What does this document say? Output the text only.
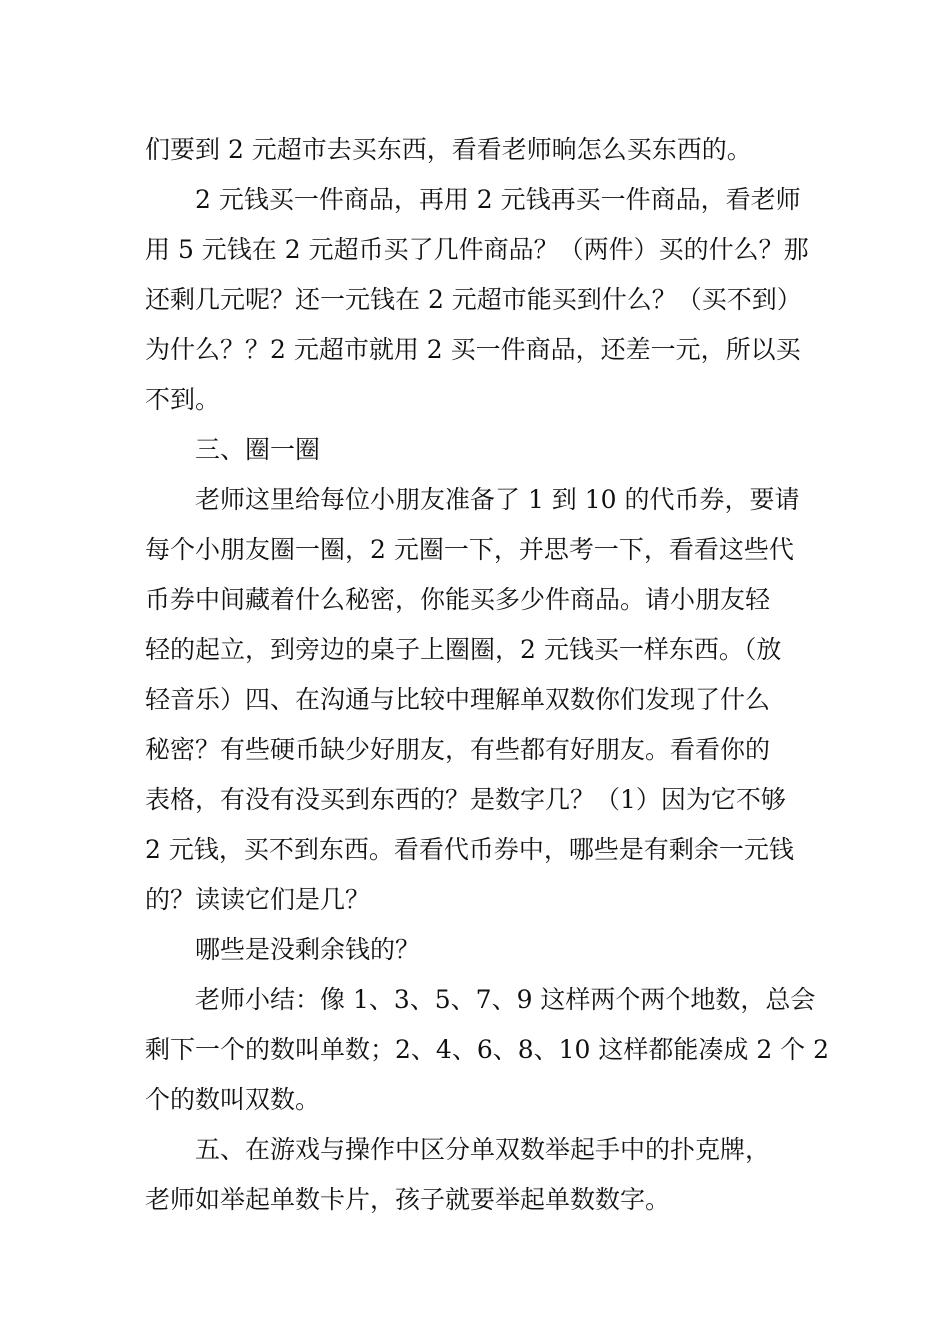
们要到 2 元超市去买东西，看看老师晌怎么买东西的。
2 元钱买一件商品，再用 2 元钱再买一件商品，看老师
用 5 元钱在 2 元超币买了几件商品？（两件）买的什么？那
还剩几元呢？还一元钱在 2 元超市能买到什么？（买不到）
为什么？？2 元超市就用 2 买一件商品，还差一元，所以买
不到。
三、圈一圈
老师这里给每位小朋友准备了 1 到 10 的代币券，要请
每个小朋友圈一圈，2 元圈一下，并思考一下，看看这些代
币券中间藏着什么秘密，你能买多少件商品。请小朋友轻
轻的起立，到旁边的桌子上圈圈，2 元钱买一样东西。（放
轻音乐）四、在沟通与比较中理解单双数你们发现了什么
秘密？有些硬币缺少好朋友，有些都有好朋友。看看你的
表格，有没有没买到东西的？是数字几？（1）因为它不够
2 元钱，买不到东西。看看代币券中，哪些是有剩余一元钱
的？读读它们是几？
哪些是没剩余钱的？
老师小结：像 1、3、5、7、9 这样两个两个地数，总会
剩下一个的数叫单数；2、4、6、8、10 这样都能凑成 2 个 2
个的数叫双数。
五、在游戏与操作中区分单双数举起手中的扑克牌，
老师如举起单数卡片，孩子就要举起单数数字。
